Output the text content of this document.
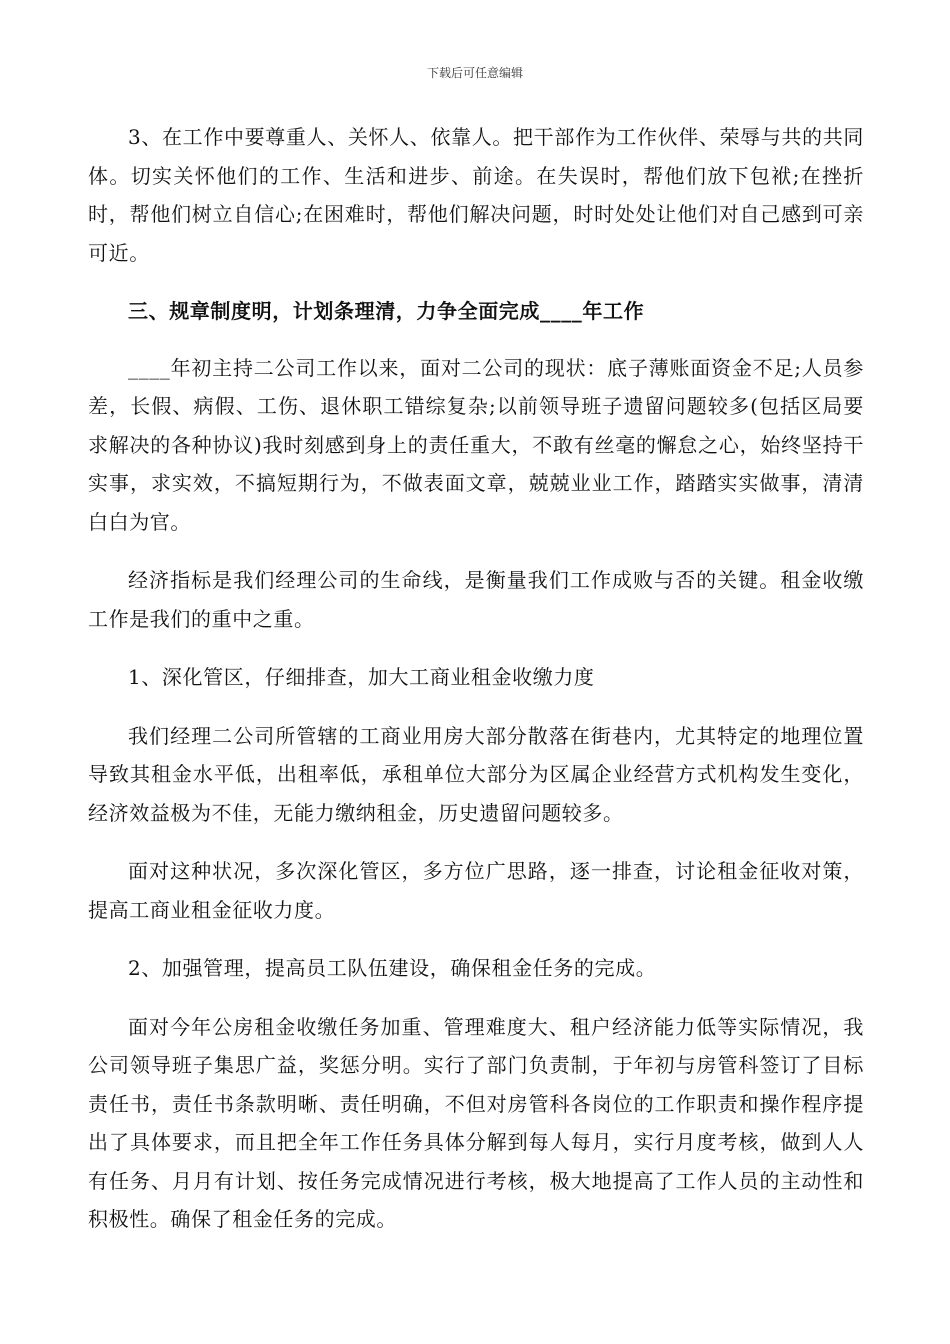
下载后可任意编辑

3、在工作中要尊重人、关怀人、依靠人。把干部作为工作伙伴、荣辱与共的共同体。切实关怀他们的工作、生活和进步、前途。在失误时，帮他们放下包袱;在挫折时，帮他们树立自信心;在困难时，帮他们解决问题，时时处处让他们对自己感到可亲可近。

三、规章制度明，计划条理清，力争全面完成____年工作

____年初主持二公司工作以来，面对二公司的现状：底子薄账面资金不足;人员参差，长假、病假、工伤、退休职工错综复杂;以前领导班子遗留问题较多(包括区局要求解决的各种协议)我时刻感到身上的责任重大，不敢有丝毫的懈怠之心，始终坚持干实事，求实效，不搞短期行为，不做表面文章，兢兢业业工作，踏踏实实做事，清清白白为官。

经济指标是我们经理公司的生命线，是衡量我们工作成败与否的关键。租金收缴工作是我们的重中之重。

1、深化管区，仔细排查，加大工商业租金收缴力度

我们经理二公司所管辖的工商业用房大部分散落在街巷内，尤其特定的地理位置导致其租金水平低，出租率低，承租单位大部分为区属企业经营方式机构发生变化，经济效益极为不佳，无能力缴纳租金，历史遗留问题较多。

面对这种状况，多次深化管区，多方位广思路，逐一排查，讨论租金征收对策，提高工商业租金征收力度。

2、加强管理，提高员工队伍建设，确保租金任务的完成。

面对今年公房租金收缴任务加重、管理难度大、租户经济能力低等实际情况，我公司领导班子集思广益，奖惩分明。实行了部门负责制，于年初与房管科签订了目标责任书，责任书条款明晰、责任明确，不但对房管科各岗位的工作职责和操作程序提出了具体要求，而且把全年工作任务具体分解到每人每月，实行月度考核，做到人人有任务、月月有计划、按任务完成情况进行考核，极大地提高了工作人员的主动性和积极性。确保了租金任务的完成。
